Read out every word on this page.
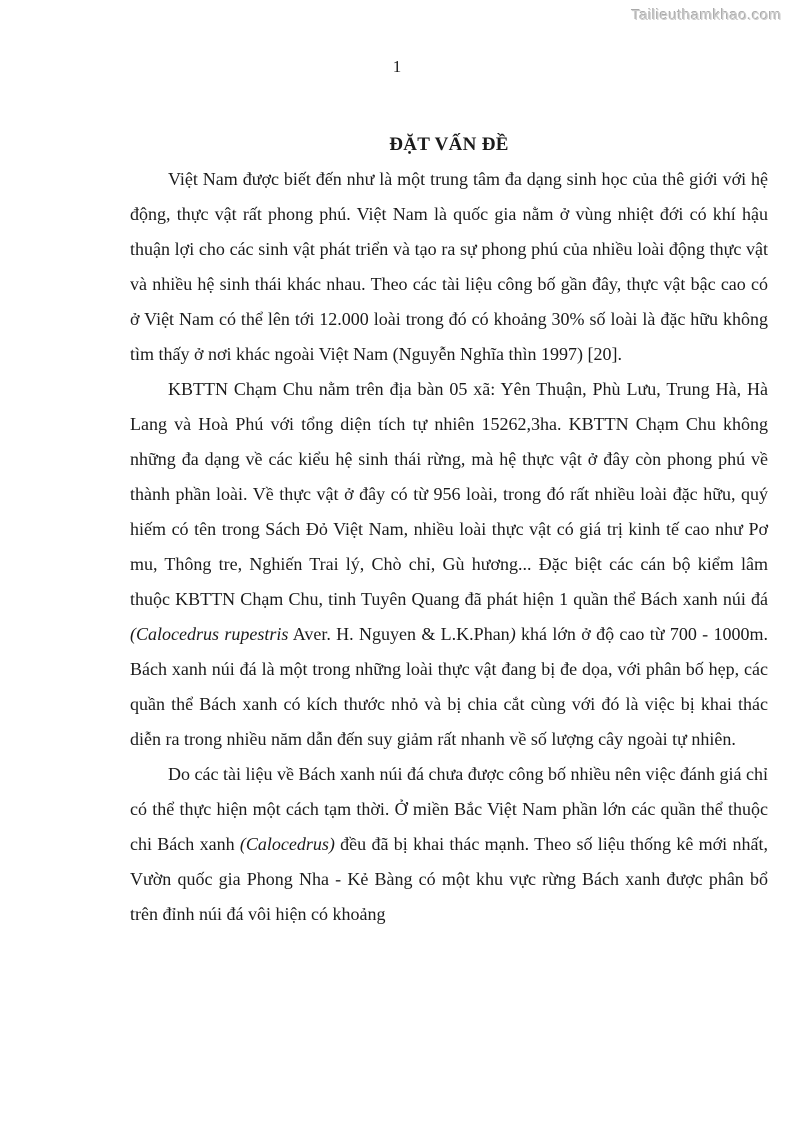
Tailieuthamkhao.com
1
ĐẶT VẤN ĐỀ

Việt Nam được biết đến như là một trung tâm đa dạng sinh học của thê giới với hệ động, thực vật rất phong phú. Việt Nam là quốc gia nằm ở vùng nhiệt đới có khí hậu thuận lợi cho các sinh vật phát triển và tạo ra sự phong phú của nhiều loài động thực vật và nhiều hệ sinh thái khác nhau. Theo các tài liệu công bố gần đây, thực vật bậc cao có ở Việt Nam có thể lên tới 12.000 loài trong đó có khoảng 30% số loài là đặc hữu không tìm thấy ở nơi khác ngoài Việt Nam (Nguyễn Nghĩa thìn 1997) [20].

KBTTN Chạm Chu nằm trên địa bàn 05 xã: Yên Thuận, Phù Lưu, Trung Hà, Hà Lang và Hoà Phú với tổng diện tích tự nhiên 15262,3ha. KBTTN Chạm Chu không những đa dạng về các kiểu hệ sinh thái rừng, mà hệ thực vật ở đây còn phong phú về thành phần loài. Về thực vật ở đây có từ 956 loài, trong đó rất nhiều loài đặc hữu, quý hiếm có tên trong Sách Đỏ Việt Nam, nhiều loài thực vật có giá trị kinh tế cao như Pơ mu, Thông tre, Nghiến Trai lý, Chò chỉ, Gù hương... Đặc biệt các cán bộ kiểm lâm thuộc KBTTN Chạm Chu, tinh Tuyên Quang đã phát hiện 1 quần thể Bách xanh núi đá (Calocedrus rupestris Aver. H. Nguyen & L.K.Phan) khá lớn ở độ cao từ 700 - 1000m. Bách xanh núi đá là một trong những loài thực vật đang bị đe dọa, với phân bố hẹp, các quần thể Bách xanh có kích thước nhỏ và bị chia cắt cùng với đó là việc bị khai thác diễn ra trong nhiều năm dẫn đến suy giảm rất nhanh về số lượng cây ngoài tự nhiên.

Do các tài liệu về Bách xanh núi đá chưa được công bố nhiều nên việc đánh giá chỉ có thể thực hiện một cách tạm thời. Ở miền Bắc Việt Nam phần lớn các quần thể thuộc chi Bách xanh (Calocedrus) đều đã bị khai thác mạnh. Theo số liệu thống kê mới nhất, Vườn quốc gia Phong Nha - Kẻ Bàng có một khu vực rừng Bách xanh được phân bổ trên đỉnh núi đá vôi hiện có khoảng
